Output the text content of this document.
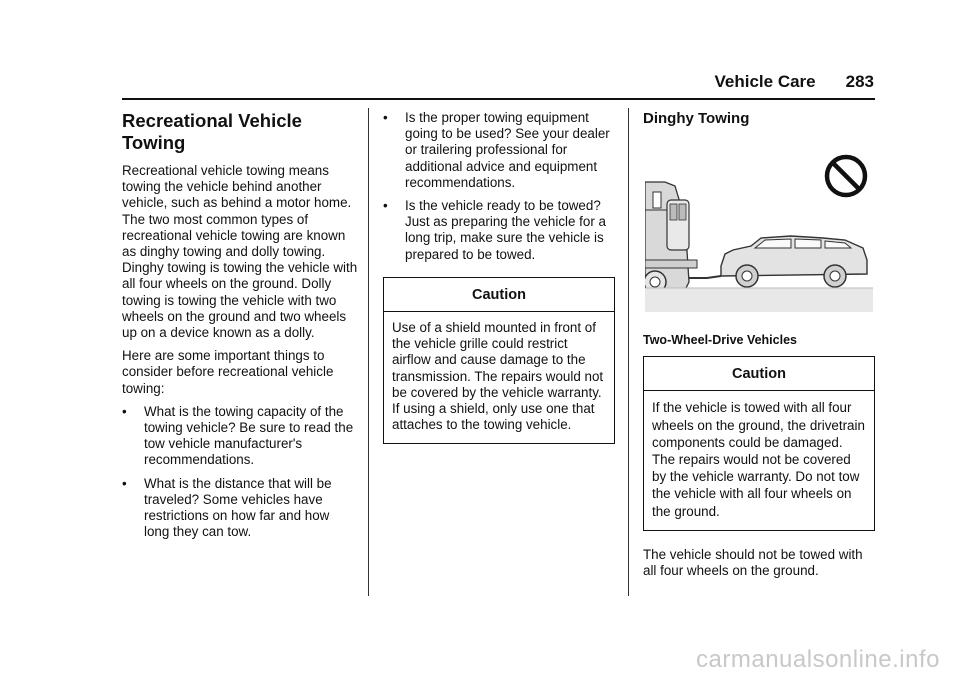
Vehicle Care 283
Recreational Vehicle Towing

Recreational vehicle towing means towing the vehicle behind another vehicle, such as behind a motor home. The two most common types of recreational vehicle towing are known as dinghy towing and dolly towing. Dinghy towing is towing the vehicle with all four wheels on the ground. Dolly towing is towing the vehicle with two wheels on the ground and two wheels up on a device known as a dolly.

Here are some important things to consider before recreational vehicle towing:

•	What is the towing capacity of the towing vehicle? Be sure to read the tow vehicle manufacturer's recommendations.
•	What is the distance that will be traveled? Some vehicles have restrictions on how far and how long they can tow.
•	Is the proper towing equipment going to be used? See your dealer or trailering professional for additional advice and equipment recommendations.
•	Is the vehicle ready to be towed? Just as preparing the vehicle for a long trip, make sure the vehicle is prepared to be towed.
Caution
Use of a shield mounted in front of the vehicle grille could restrict airflow and cause damage to the transmission. The repairs would not be covered by the vehicle warranty. If using a shield, only use one that attaches to the towing vehicle.
Dinghy Towing
Two-Wheel-Drive Vehicles
Caution
If the vehicle is towed with all four wheels on the ground, the drivetrain components could be damaged. The repairs would not be covered by the vehicle warranty. Do not tow the vehicle with all four wheels on the ground.

The vehicle should not be towed with all four wheels on the ground.

carmanualsonline.info
